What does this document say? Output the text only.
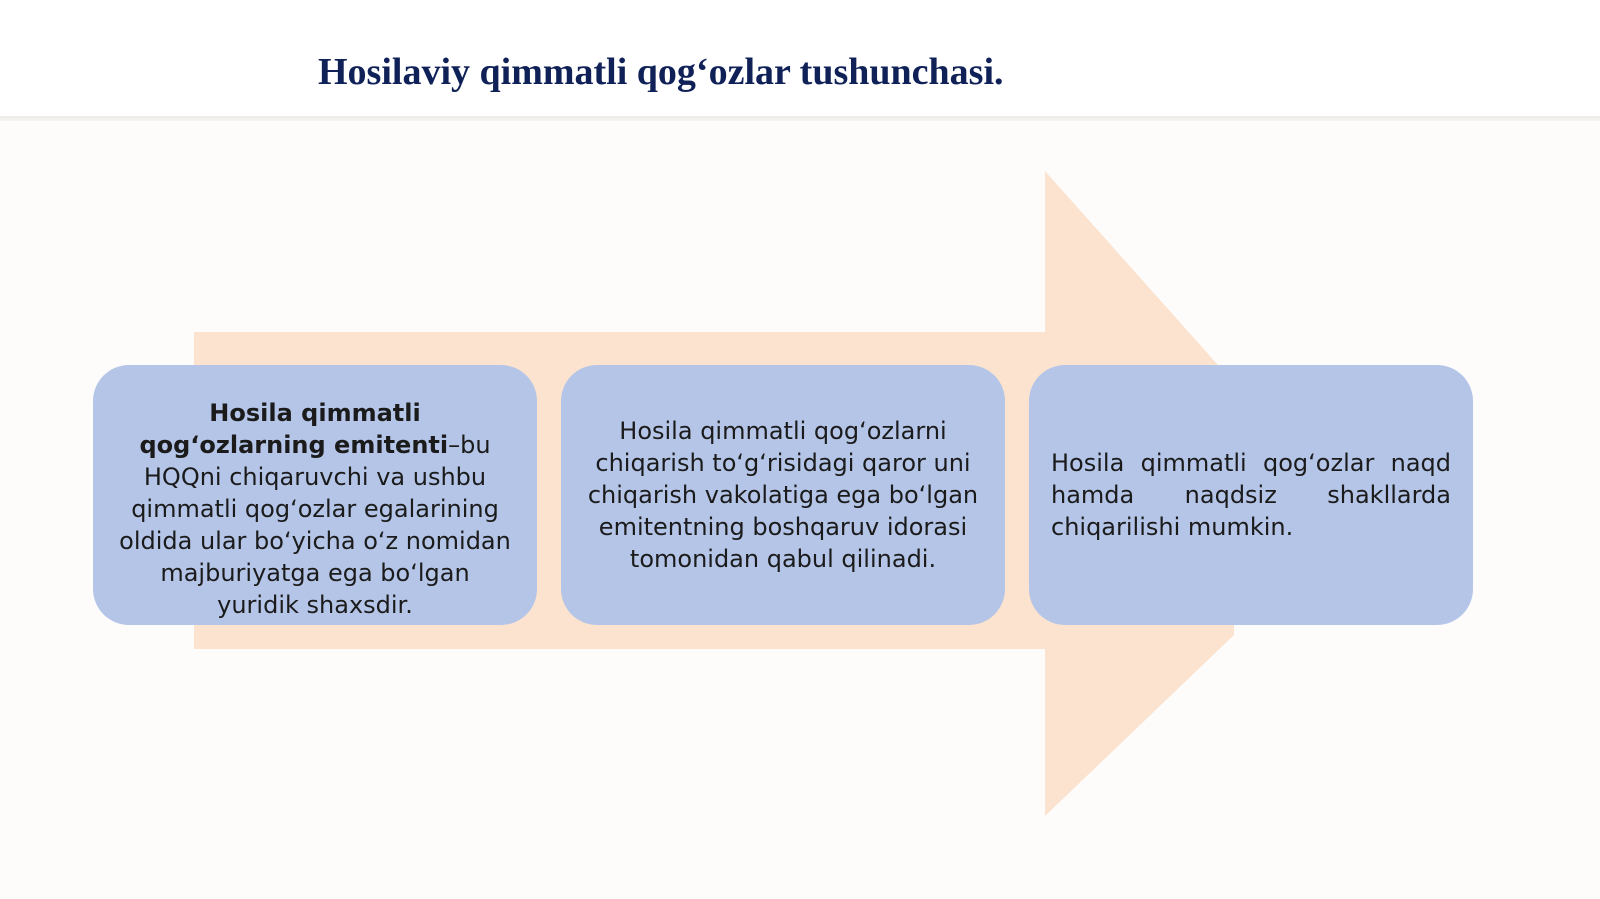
Hosilaviy qimmatli qog‘ozlar tushunchasi.
Hosila qimmatli qog‘ozlarning emitenti–bu HQQni chiqaruvchi va ushbu qimmatli qog‘ozlar egalarining oldida ular bo‘yicha o‘z nomidan majburiyatga ega bo‘lgan yuridik shaxsdir.
Hosila qimmatli qog‘ozlarni chiqarish to‘g‘risidagi qaror uni chiqarish vakolatiga ega bo‘lgan emitentning boshqaruv idorasi tomonidan qabul qilinadi.
Hosila qimmatli qog‘ozlar naqd hamda naqdsiz shakllarda chiqarilishi mumkin.
